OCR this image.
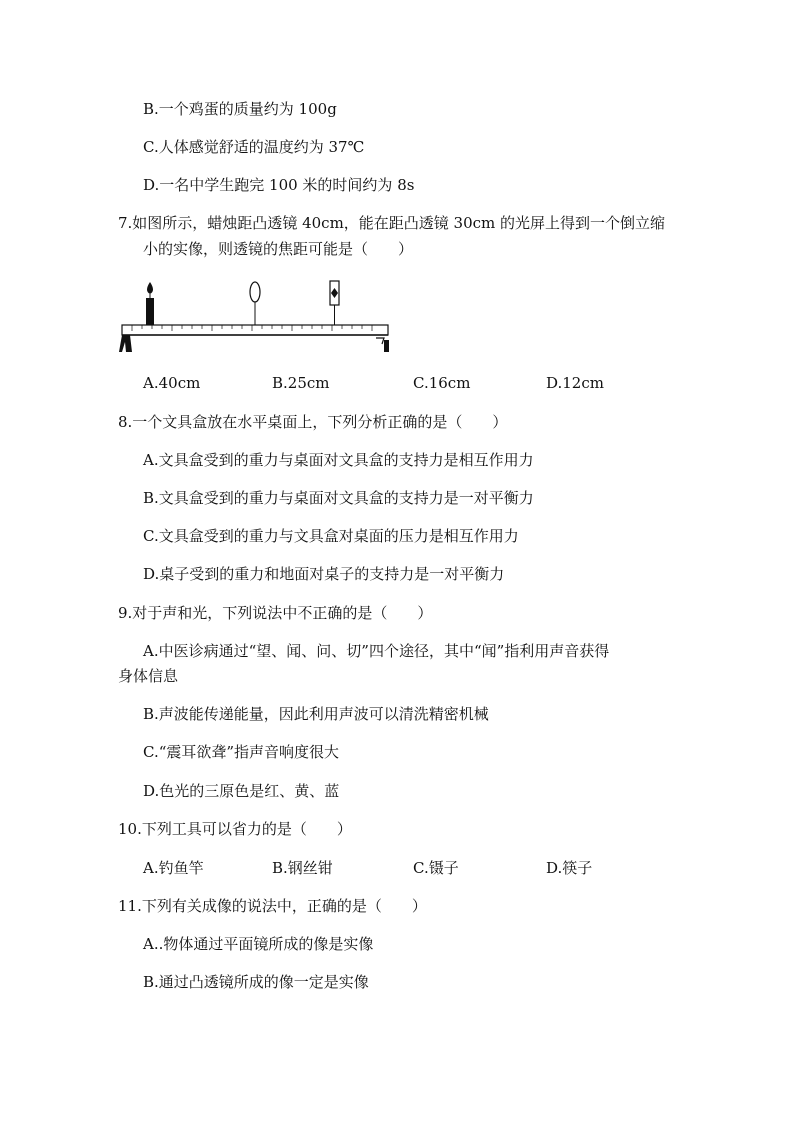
B.一个鸡蛋的质量约为 100g
C.人体感觉舒适的温度约为 37℃
D.一名中学生跑完 100 米的时间约为 8s
7.如图所示，蜡烛距凸透镜 40cm，能在距凸透镜 30cm 的光屏上得到一个倒立缩
小的实像，则透镜的焦距可能是（　　）
A.40cm	B.25cm	C.16cm	D.12cm
8.一个文具盒放在水平桌面上，下列分析正确的是（　　）
A.文具盒受到的重力与桌面对文具盒的支持力是相互作用力
B.文具盒受到的重力与桌面对文具盒的支持力是一对平衡力
C.文具盒受到的重力与文具盒对桌面的压力是相互作用力
D.桌子受到的重力和地面对桌子的支持力是一对平衡力
9.对于声和光，下列说法中不正确的是（　　）
A.中医诊病通过“望、闻、问、切”四个途径，其中“闻”指利用声音获得
身体信息
B.声波能传递能量，因此利用声波可以清洗精密机械
C.“震耳欲聋”指声音响度很大
D.色光的三原色是红、黄、蓝
10.下列工具可以省力的是（　　）
A.钓鱼竿	B.钢丝钳	C.镊子	D.筷子
11.下列有关成像的说法中，正确的是（　　）
A..物体通过平面镜所成的像是实像
B.通过凸透镜所成的像一定是实像
